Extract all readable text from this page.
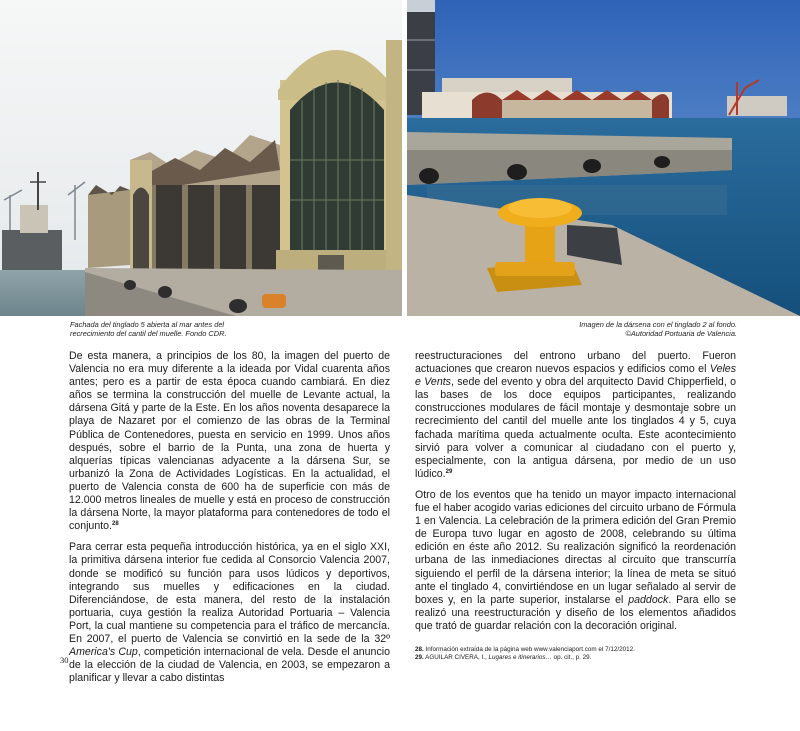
Fachada del tinglado 5 abierta al mar antes del
recrecimiento del cantil del muelle. Fondo CDR.
Imagen de la dársena con el tinglado 2 al fondo.
©Autoridad Portuaria de Valencia.

De esta manera, a principios de los 80, la imagen del puerto de Valencia no era muy diferente a la ideada por Vidal cuarenta años antes; pero es a partir de esta época cuando cambiará. En diez años se termina la construcción del muelle de Levante actual, la dársena Gitá y parte de la Este. En los años noventa desaparece la playa de Nazaret por el comienzo de las obras de la Terminal Pública de Contenedores, puesta en servicio en 1999. Unos años después, sobre el barrio de la Punta, una zona de huerta y alquerías típicas valencianas adyacente a la dársena Sur, se urbanizó la Zona de Actividades Logísticas. En la actualidad, el puerto de Valencia consta de 600 ha de superficie con más de 12.000 metros lineales de muelle y está en proceso de construcción la dársena Norte, la mayor plataforma para contenedores de todo el conjunto.$^{28}$

Para cerrar esta pequeña introducción histórica, ya en el siglo XXI, la primitiva dársena interior fue cedida al Consorcio Valencia 2007, donde se modificó su función para usos lúdicos y deportivos, integrando sus muelles y edificaciones en la ciudad. Diferenciándose, de esta manera, del resto de la instalación portuaria, cuya gestión la realiza Autoridad Portuaria – Valencia Port, la cual mantiene su competencia para el tráfico de mercancía. En 2007, el puerto de Valencia se convirtió en la sede de la 32º America's Cup, competición internacional de vela. Desde el anuncio de la elección de la ciudad de Valencia, en 2003, se empezaron a planificar y llevar a cabo distintas

reestructuraciones del entrono urbano del puerto. Fueron actuaciones que crearon nuevos espacios y edificios como el Veles e Vents, sede del evento y obra del arquitecto David Chipperfield, o las bases de los doce equipos participantes, realizando construcciones modulares de fácil montaje y desmontaje sobre un recrecimiento del cantil del muelle ante los tinglados 4 y 5, cuya fachada marítima queda actualmente oculta. Este acontecimiento sirvió para volver a comunicar al ciudadano con el puerto y, especialmente, con la antigua dársena, por medio de un uso lúdico.$^{29}$

Otro de los eventos que ha tenido un mayor impacto internacional fue el haber acogido varias ediciones del circuito urbano de Fórmula 1 en Valencia. La celebración de la primera edición del Gran Premio de Europa tuvo lugar en agosto de 2008, celebrando su última edición en éste año 2012. Su realización significó la reordenación urbana de las inmediaciones directas al circuito que transcurría siguiendo el perfil de la dársena interior; la línea de meta se situó ante el tinglado 4, convirtiéndose en un lugar señalado al servir de boxes y, en la parte superior, instalarse el paddock. Para ello se realizó una reestructuración y diseño de los elementos añadidos que trató de guardar relación con la decoración original.

28. Información extraída de la página web www.valenciaport.com el 7/12/2012.
29. AGUILAR CIVERA, I., Lugares e itinerarios… op. cit., p. 29.
30
